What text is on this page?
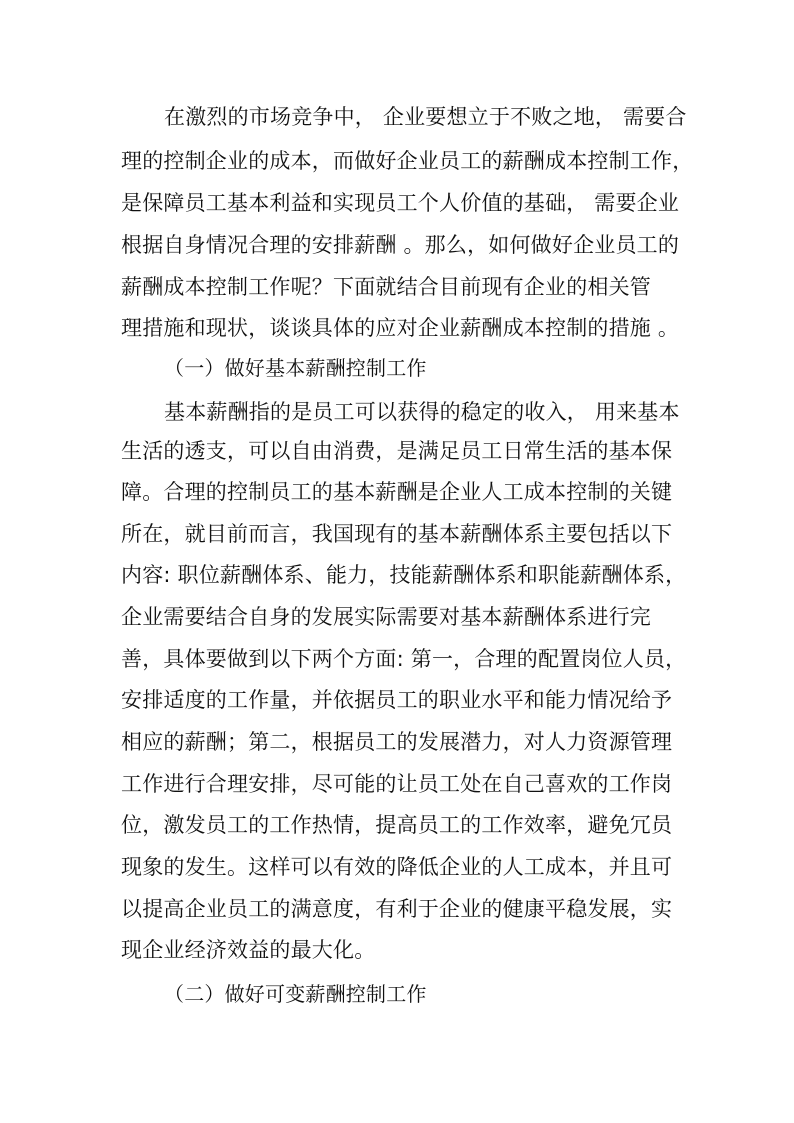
在激烈的市场竞争中， 企业要想立于不败之地， 需要合
理的控制企业的成本，而做好企业员工的薪酬成本控制工作，
是保障员工基本利益和实现员工个人价值的基础， 需要企业
根据自身情况合理的安排薪酬 。那么，如何做好企业员工的
薪酬成本控制工作呢？下面就结合目前现有企业的相关管
理措施和现状，谈谈具体的应对企业薪酬成本控制的措施 。
（一）做好基本薪酬控制工作
基本薪酬指的是员工可以获得的稳定的收入， 用来基本
生活的透支，可以自由消费，是满足员工日常生活的基本保
障。合理的控制员工的基本薪酬是企业人工成本控制的关键
所在，就目前而言，我国现有的基本薪酬体系主要包括以下
内容: 职位薪酬体系、能力，技能薪酬体系和职能薪酬体系，
企业需要结合自身的发展实际需要对基本薪酬体系进行完
善，具体要做到以下两个方面: 第一，合理的配置岗位人员，
安排适度的工作量，并依据员工的职业水平和能力情况给予
相应的薪酬；第二，根据员工的发展潜力，对人力资源管理
工作进行合理安排，尽可能的让员工处在自己喜欢的工作岗
位，激发员工的工作热情，提高员工的工作效率，避免冗员
现象的发生。这样可以有效的降低企业的人工成本，并且可
以提高企业员工的满意度，有利于企业的健康平稳发展，实
现企业经济效益的最大化。
（二）做好可变薪酬控制工作
